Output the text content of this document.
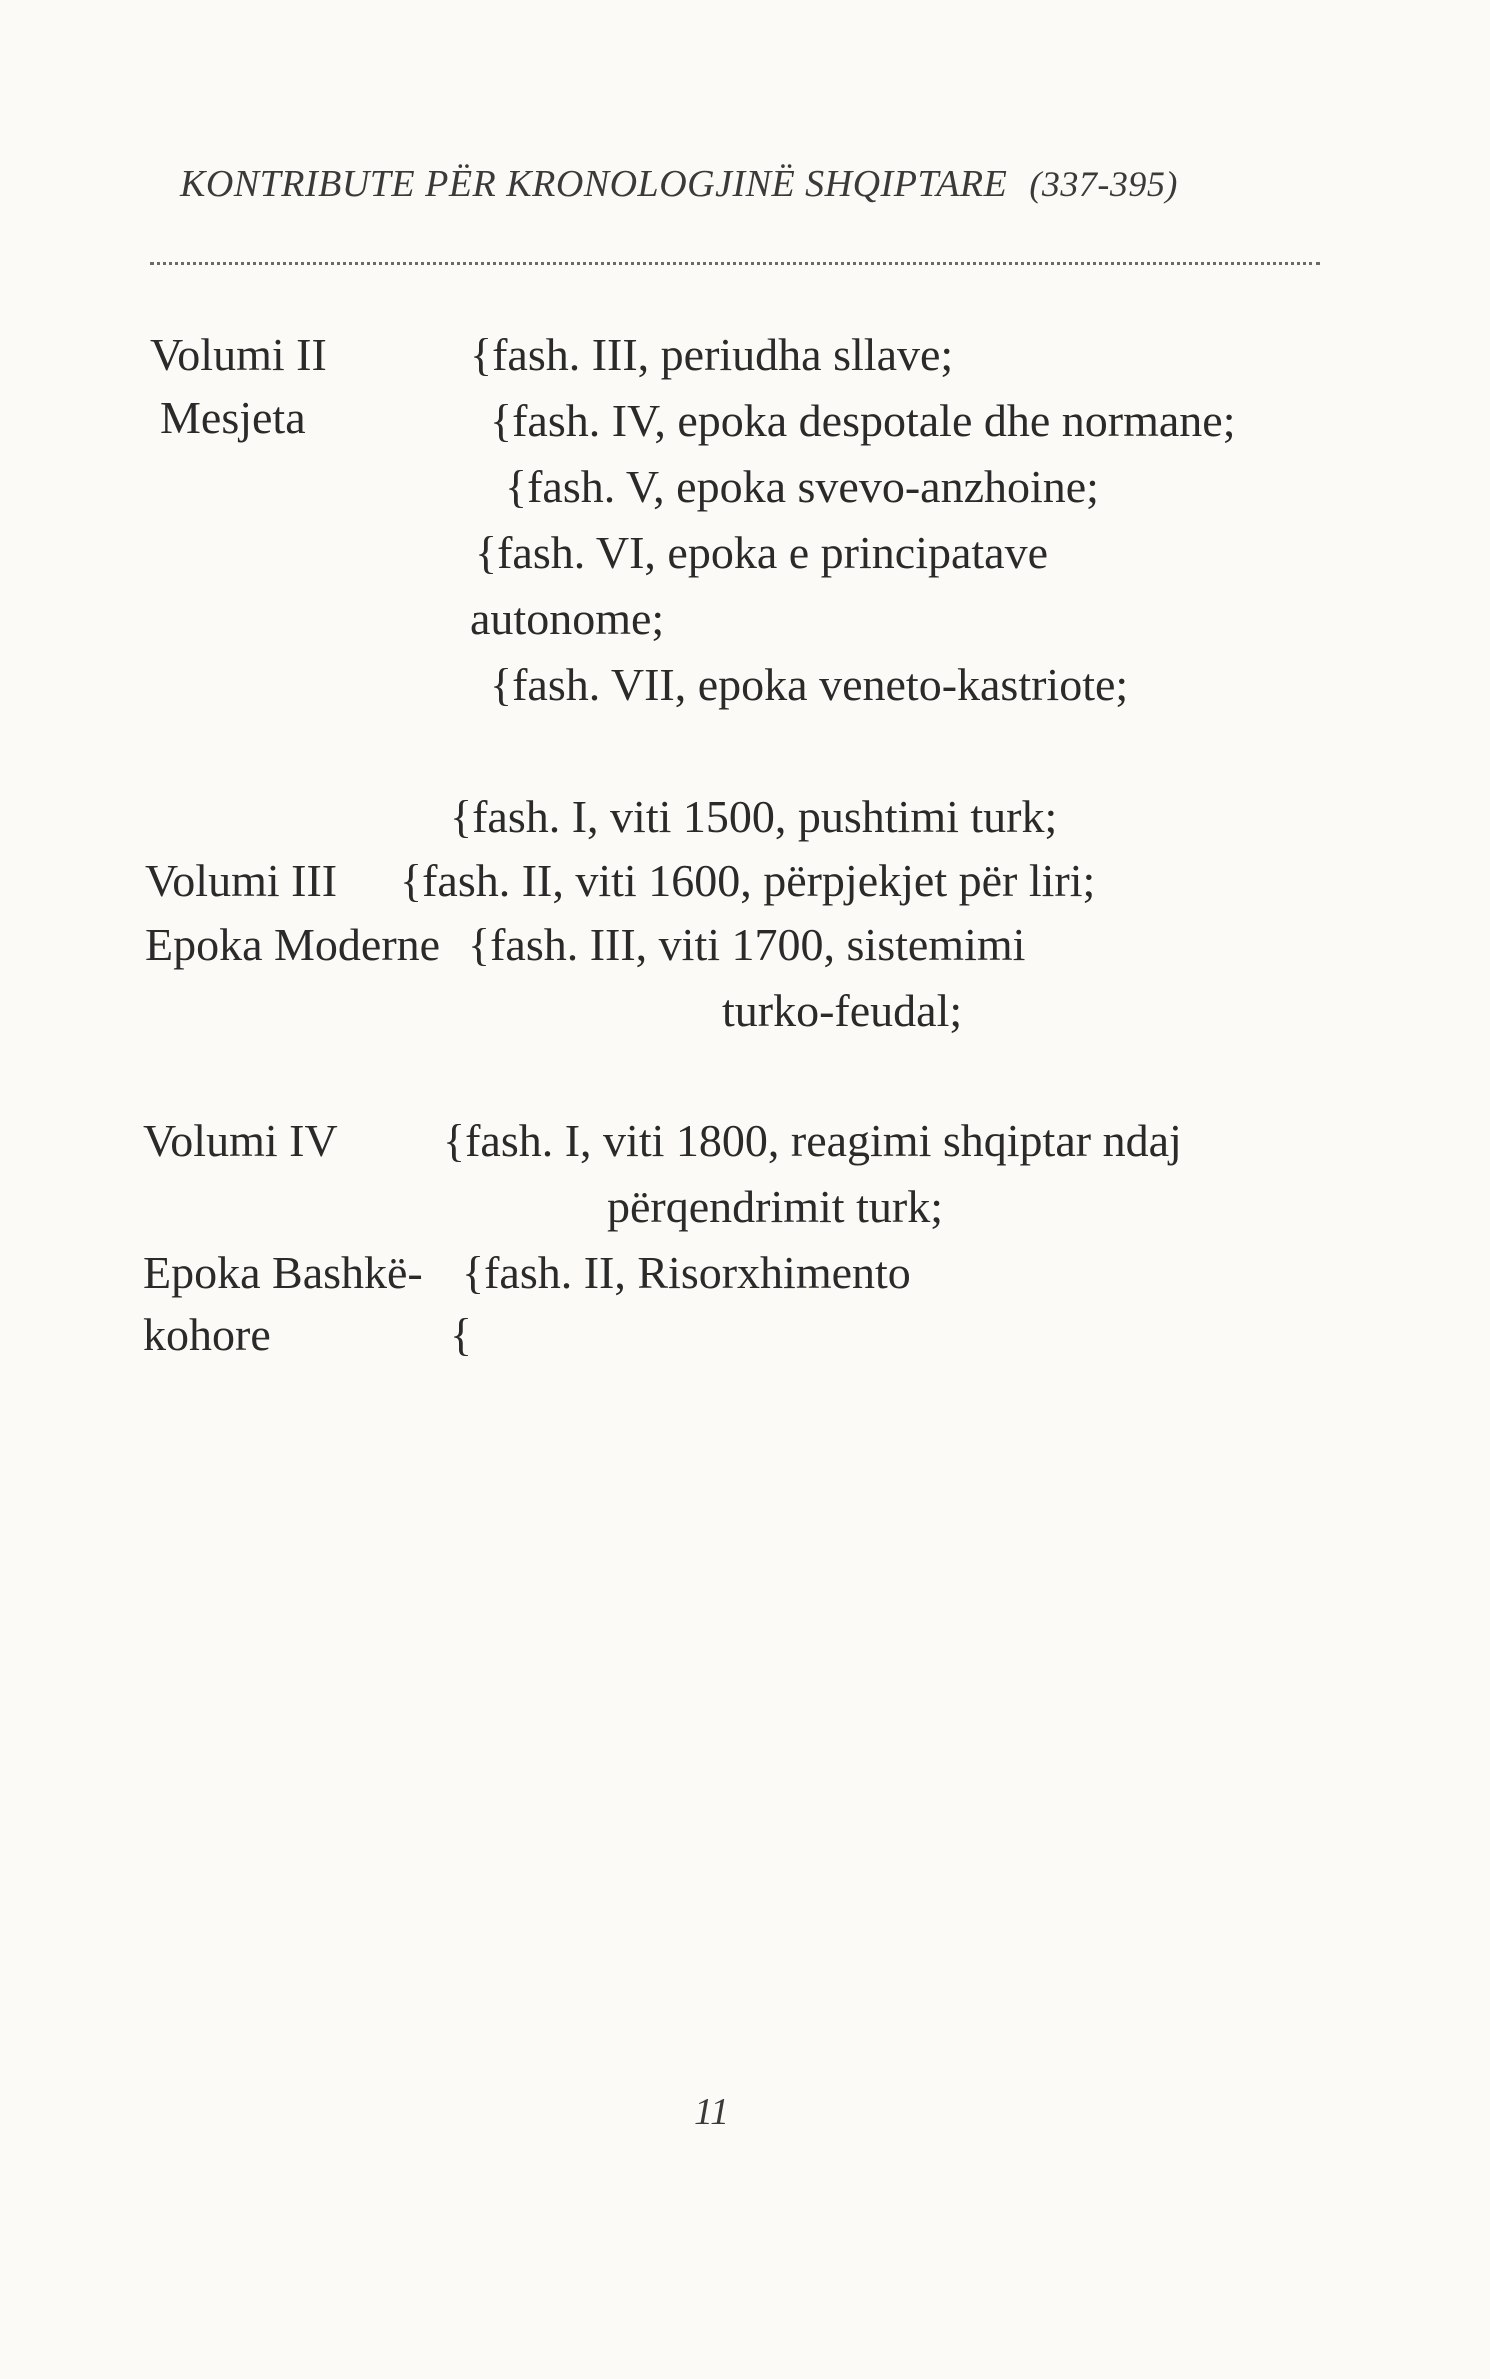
KONTRIBUTE PËR KRONOLOGJINË SHQIPTARE (337-395)
Volumi II
Mesjeta
{fash. III, periudha sllave;
{fash. IV, epoka despotale dhe normane;
{fash. V, epoka svevo-anzhoine;
{fash. VI, epoka e principatave
autonome;
{fash. VII, epoka veneto-kastriote;
{fash. I, viti 1500, pushtimi turk;
Volumi III {fash. II, viti 1600, përpjekjet për liri;
Epoka Moderne {fash. III, viti 1700, sistemimi
turko-feudal;
Volumi IV {fash. I, viti 1800, reagimi shqiptar ndaj
përqendrimit turk;
Epoka Bashkë- {fash. II, Risorxhimento
kohore	{
11
